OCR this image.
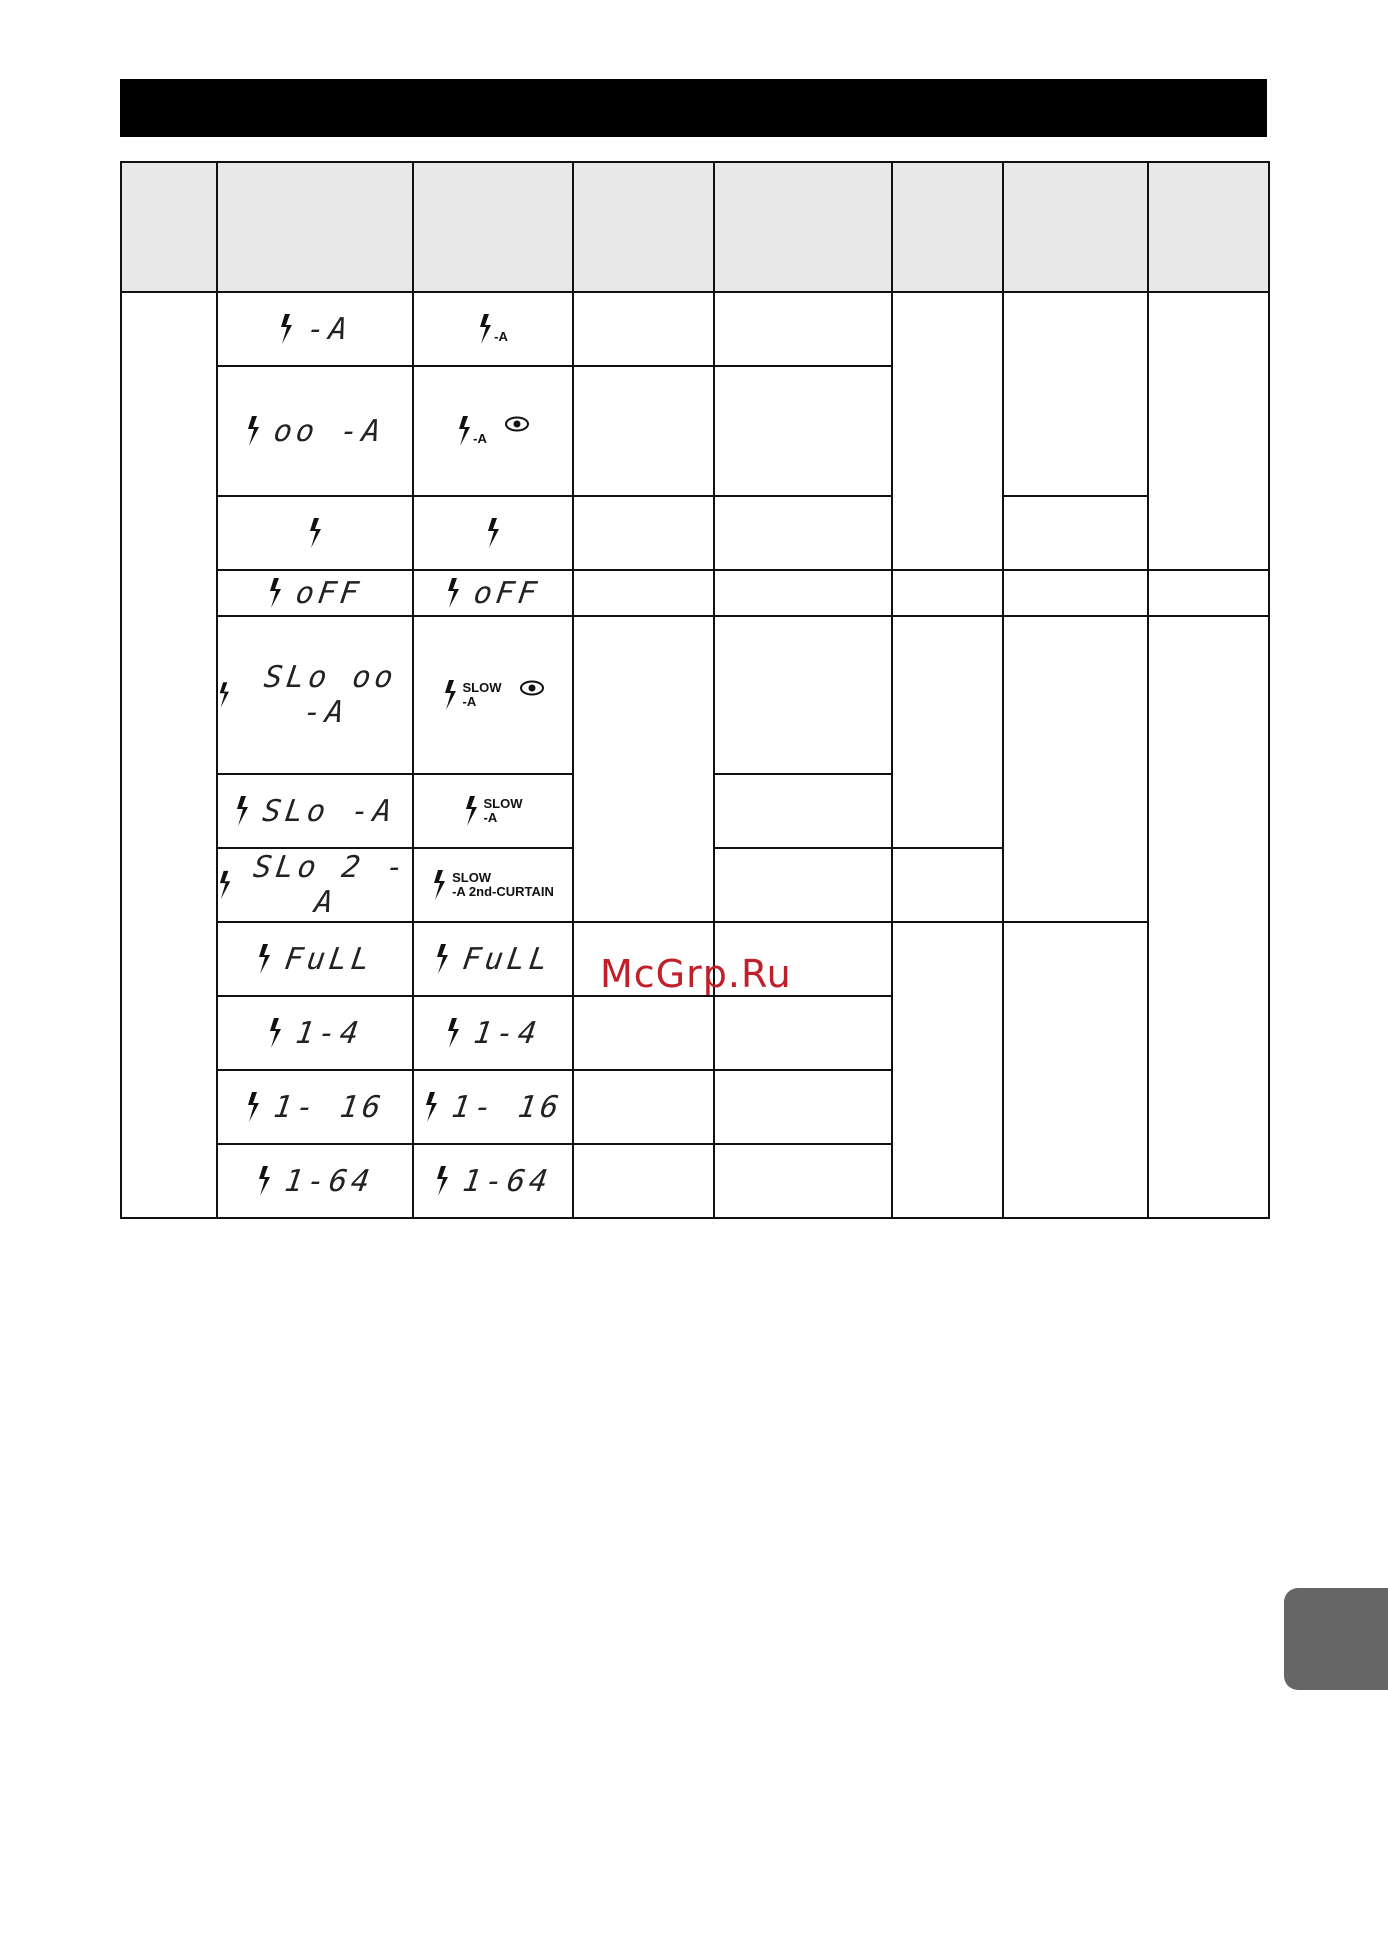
	-A	-A					

	oo -A	-A					

	oFF	oFF					

	SLo oo -A	SLOW
-A					

	SLo -A	SLOW
-A					

	SLo 2 -A	SLOW
-A 2nd-CURTAIN					

	FuLL	FuLL					

	1-4	1-4					

	1- 16	1- 16					

	1-64	1-64					

McGrp.Ru
